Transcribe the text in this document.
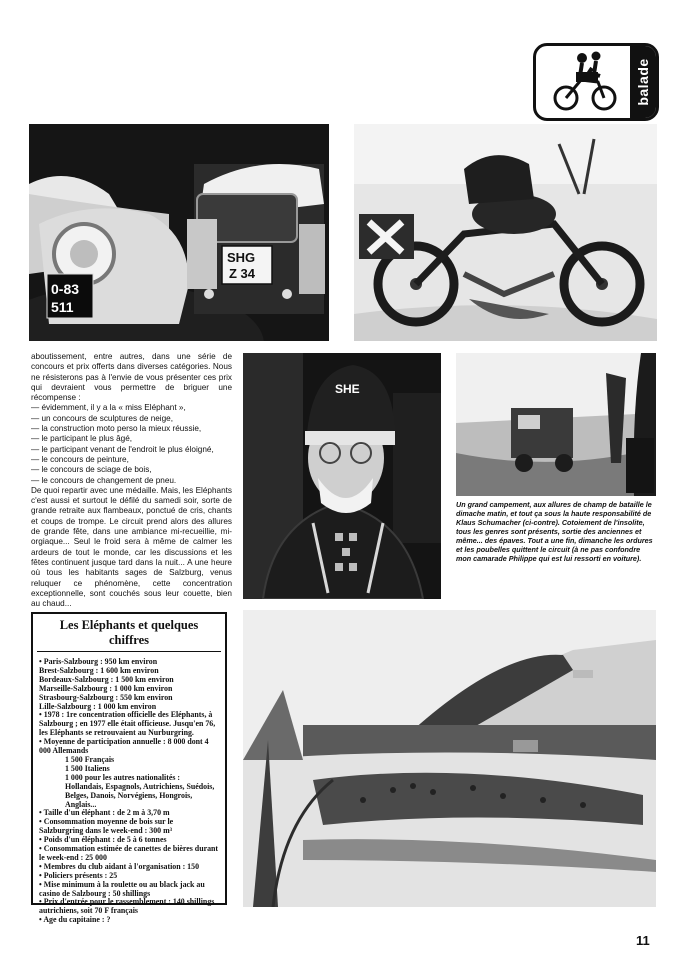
balade
0-83
511
SHG
Z 34

aboutissement, entre autres, dans une série de concours et prix offerts dans diverses catégories. Nous ne résisterons pas à l'envie de vous présenter ces prix qui devraient vous permettre de briguer une récompense :

— évidemment, il y a la « miss Eléphant »,
— un concours de sculptures de neige,
— la construction moto perso la mieux réussie,
— le participant le plus âgé,
— le participant venant de l'endroit le plus éloigné,
— le concours de peinture,
— le concours de sciage de bois,
— le concours de changement de pneu.

De quoi repartir avec une médaille. Mais, les Eléphants c'est aussi et surtout le défilé du samedi soir, sorte de grande retraite aux flambeaux, ponctué de cris, chants et coups de trompe. Le circuit prend alors des allures de grande fête, dans une ambiance mi-recueillie, mi-orgiaque... Seul le froid sera à même de calmer les ardeurs de tout le monde, car les discussions et les fêtes continuent jusque tard dans la nuit... A une heure où tous les habitants sages de Salzburg, venus reluquer ce phénomène, cette concentration exceptionnelle, sont couchés sous leur couette, bien au chaud...

SHE
Un grand campement, aux allures de champ de bataille le dimache matin, et tout ça sous la haute responsabilité de Klaus Schumacher (ci-contre). Cotoiement de l'insolite, tous les genres sont présents, sortie des anciennes et même... des épaves. Tout a une fin, dimanche les ordures et les poubelles quittent le circuit (à ne pas confondre mon camarade Philippe qui est lui ressorti en voiture).
Les Eléphants et quelques chiffres
• Paris-Salzbourg : 950 km environ
Brest-Salzbourg : 1 600 km environ
Bordeaux-Salzbourg : 1 500 km environ
Marseille-Salzbourg : 1 000 km environ
Strasbourg-Salzbourg : 550 km environ
Lille-Salzbourg : 1 000 km environ
• 1978 : 1re concentration officielle des Eléphants, à Salzbourg ; en 1977 elle était officieuse. Jusqu'en 76, les Eléphants se retrouvaient au Nurburgring.
• Moyenne de participation annuelle : 8 000 dont 4 000 Allemands
1 500 Français
1 500 Italiens
1 000 pour les autres nationalités : Hollandais, Espagnols, Autrichiens, Suédois, Belges, Danois, Norvégiens, Hongrois, Anglais...
• Taille d'un éléphant : de 2 m à 3,70 m
• Consommation moyenne de bois sur le Salzburgring dans le week-end : 300 m³
• Poids d'un éléphant : de 5 à 6 tonnes
• Consommation estimée de canettes de bières durant le week-end : 25 000
• Membres du club aidant à l'organisation : 150
• Policiers présents : 25
• Mise minimum à la roulette ou au black jack au casino de Salzbourg : 50 shillings
• Prix d'entrée pour le rassemblement : 140 shillings autrichiens, soit 70 F français
• Age du capitaine : ?
11
